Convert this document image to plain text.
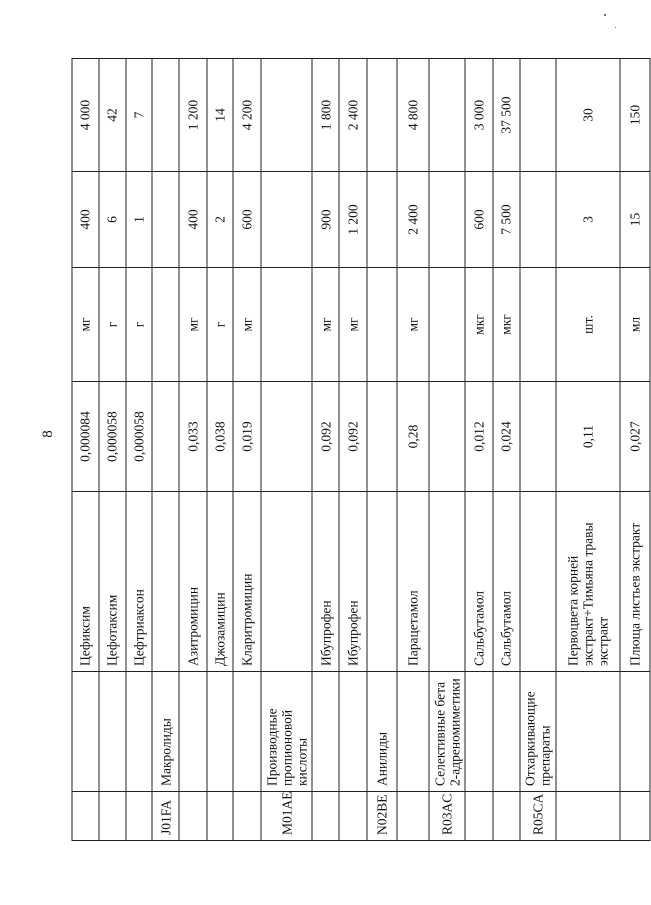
8
		Цефиксим	0,000084	мг	400	4 000
		Цефотаксим	0,000058	г	6	42
		Цефтриаксон	0,000058	г	1	7
J01FA	Макролиды					
		Азитромицин	0,033	мг	400	1 200
		Джозамицин	0,038	г	2	14
		Кларитромицин	0,019	мг	600	4 200
M01AE	Производные пропионовой кислоты					
		Ибупрофен	0,092	мг	900	1 800
		Ибупрофен	0,092	мг	1 200	2 400
N02BE	Анилиды					
		Парацетамол	0,28	мг	2 400	4 800
R03AC	Селективные бета 2-адреномиметики					
		Сальбутамол	0,012	мкг	600	3 000
		Сальбутамол	0,024	мкг	7 500	37 500
R05CA	Отхаркивающие препараты					
		Первоцвета корней экстракт+Тимьяна травы экстракт	0,11	шт.	3	30
		Плющa листьев экстракт	0,027	мл	15	150
